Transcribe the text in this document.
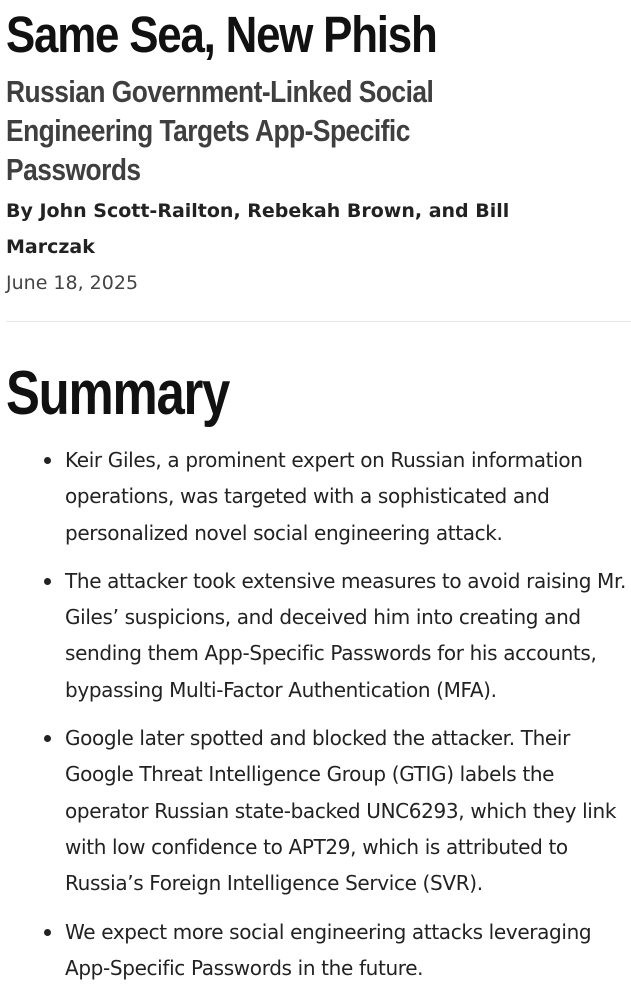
Same Sea, New Phish
Russian Government-Linked Social Engineering Targets App-Specific Passwords

By John Scott-Railton, Rebekah Brown, and Bill Marczak

June 18, 2025

Summary
Keir Giles, a prominent expert on Russian information operations, was targeted with a sophisticated and personalized novel social engineering attack.
The attacker took extensive measures to avoid raising Mr. Giles’ suspicions, and deceived him into creating and sending them App-Specific Passwords for his accounts, bypassing Multi-Factor Authentication (MFA).
Google later spotted and blocked the attacker. Their Google Threat Intelligence Group (GTIG) labels the operator Russian state-backed UNC6293, which they link with low confidence to APT29, which is attributed to Russia’s Foreign Intelligence Service (SVR).
We expect more social engineering attacks leveraging App-Specific Passwords in the future.
